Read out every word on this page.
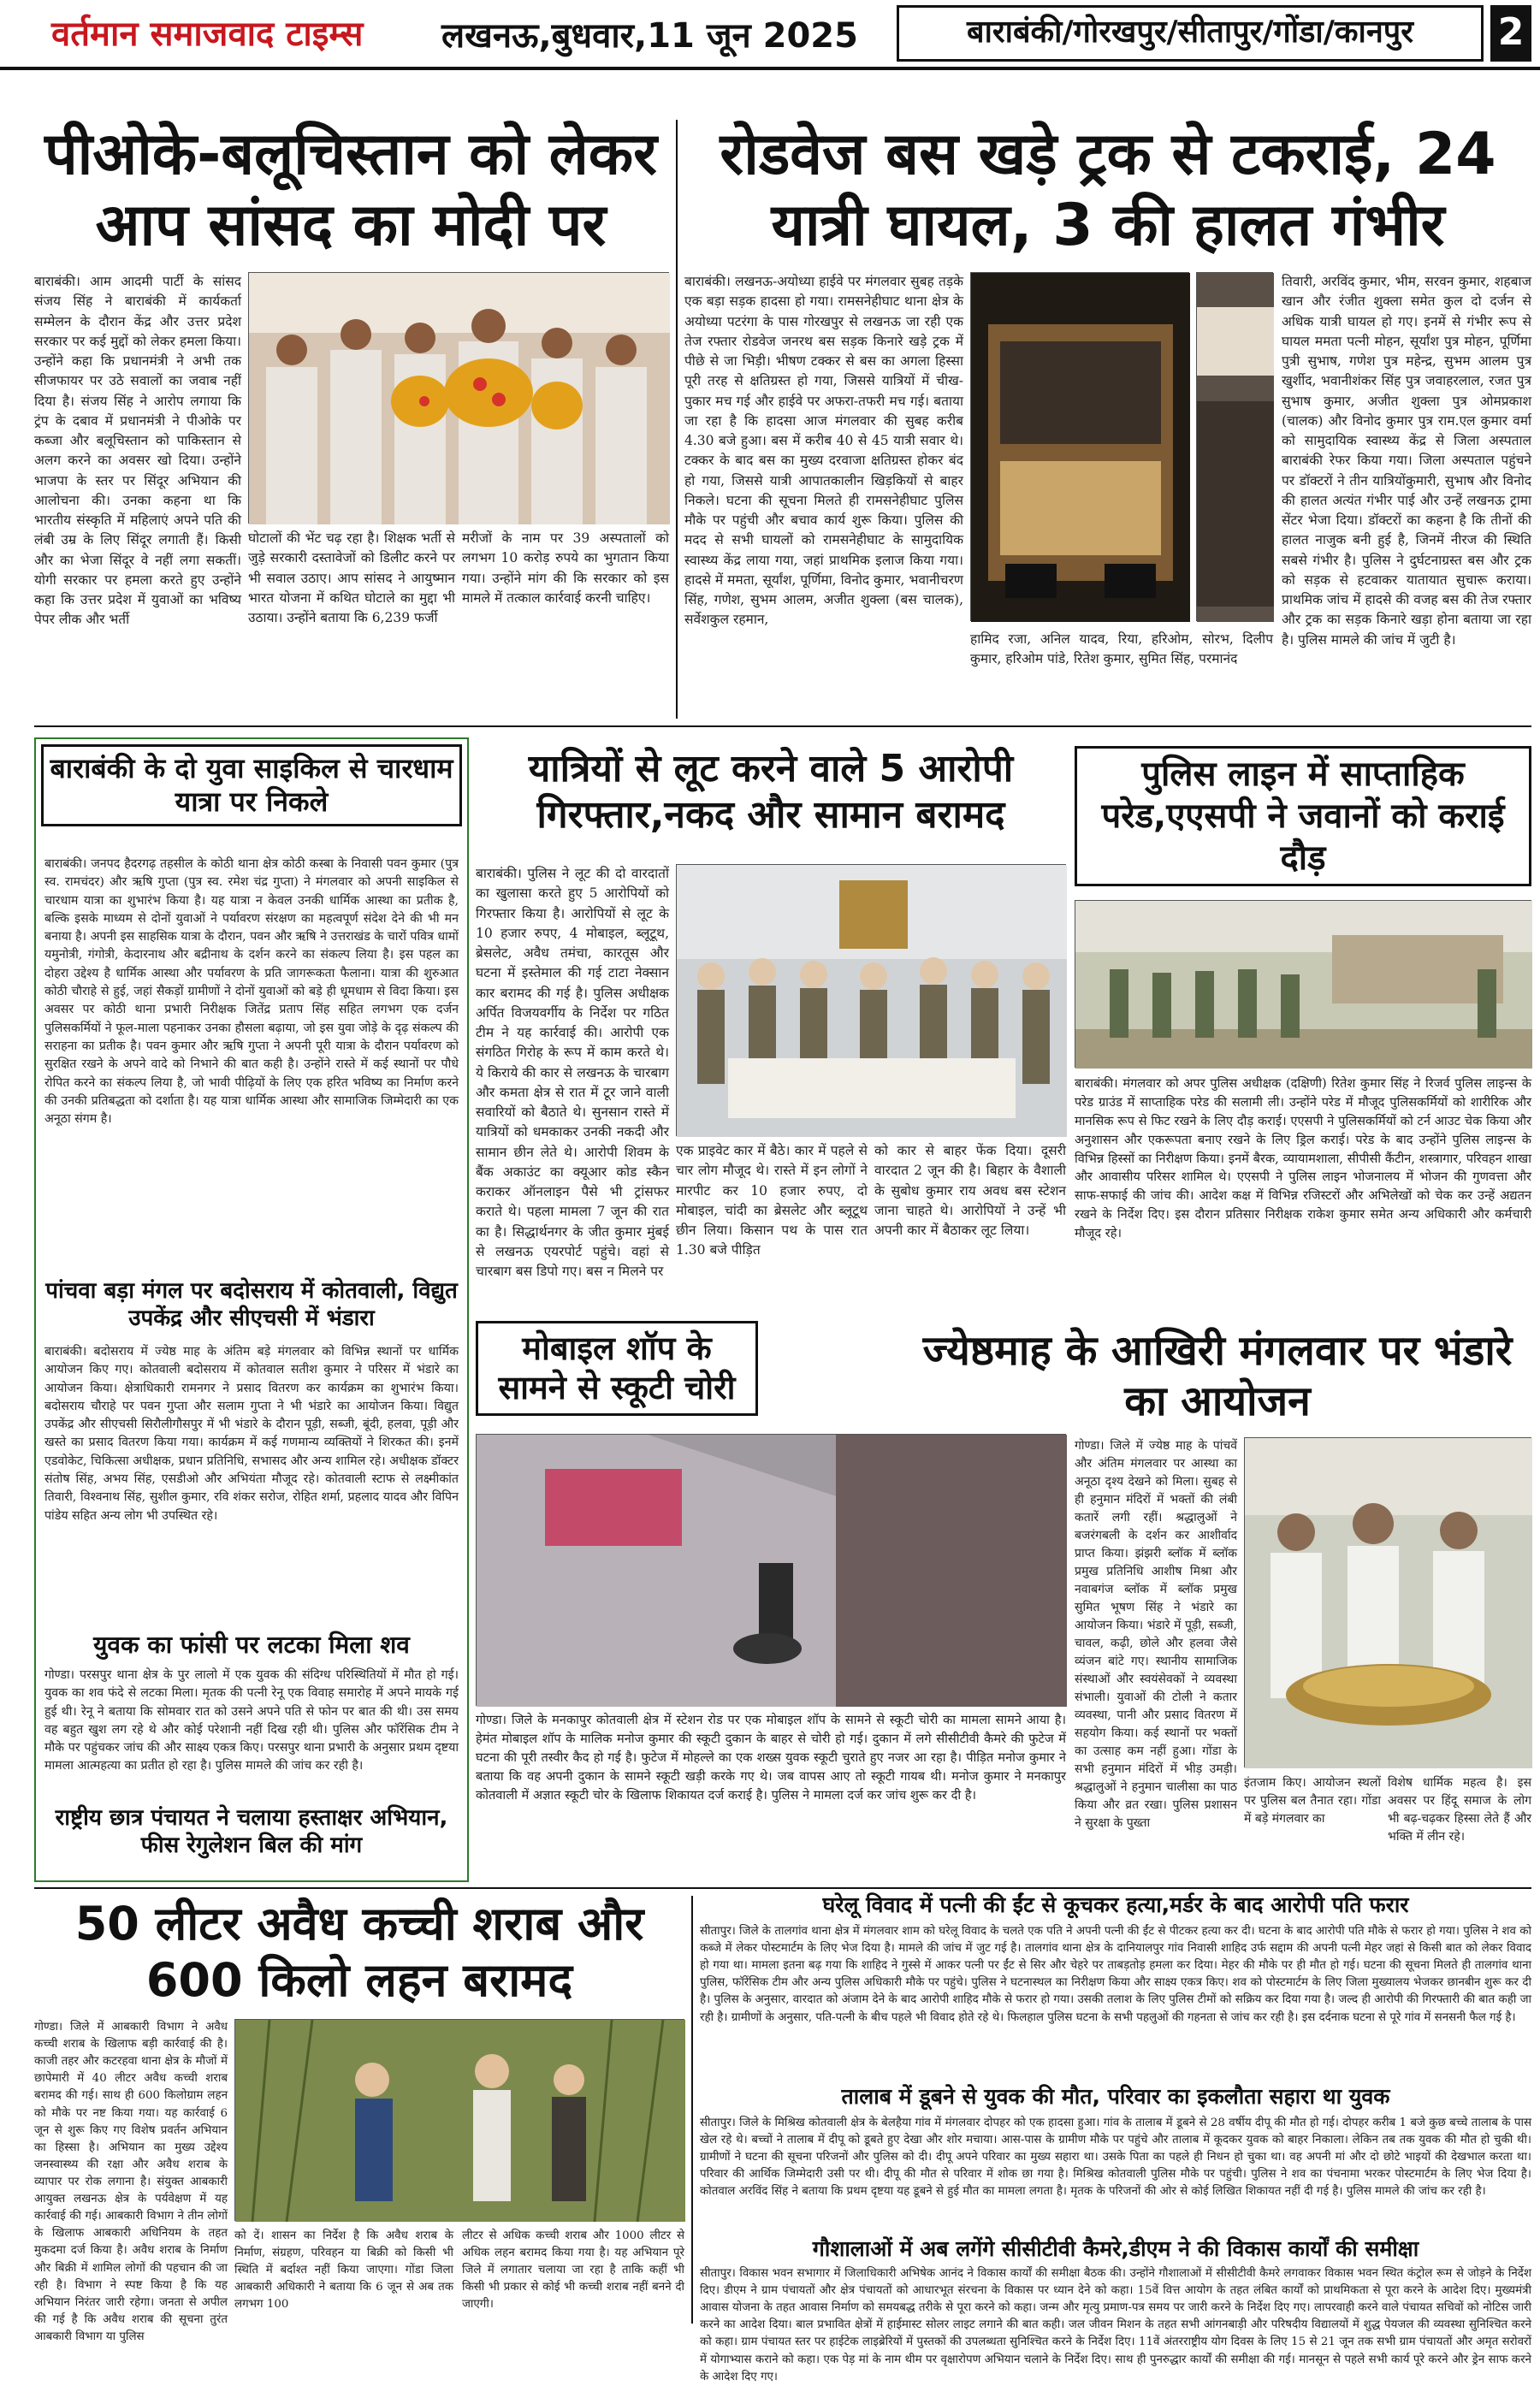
वर्तमान समाजवाद टाइम्स लखनऊ,बुधवार,11 जून 2025	बाराबंकी/गोरखपुर/सीतापुर/गोंडा/कानपुर	2
पीओके-बलूचिस्तान को लेकर आप सांसद का मोदी पर
बाराबंकी। आम आदमी पार्टी के सांसद संजय सिंह ने बाराबंकी में कार्यकर्ता सम्मेलन के दौरान केंद्र और उत्तर प्रदेश सरकार पर कई मुद्दों को लेकर हमला किया। उन्होंने कहा कि प्रधानमंत्री ने अभी तक सीजफायर पर उठे सवालों का जवाब नहीं दिया है। संजय सिंह ने आरोप लगाया कि ट्रंप के दबाव में प्रधानमंत्री ने पीओके पर कब्जा और बलूचिस्तान को पाकिस्तान से अलग करने का अवसर खो दिया। उन्होंने भाजपा के स्तर पर सिंदूर अभियान की आलोचना की। उनका कहना था कि भारतीय संस्कृति में महिलाएं अपने पति की लंबी उम्र के लिए सिंदूर लगाती हैं। किसी और का भेजा सिंदूर वे नहीं लगा सकतीं। योगी सरकार पर हमला करते हुए उन्होंने कहा कि उत्तर प्रदेश में युवाओं का भविष्य पेपर लीक और भर्ती
घोटालों की भेंट चढ़ रहा है। शिक्षक भर्ती से जुड़े सरकारी दस्तावेजों को डिलीट करने पर भी सवाल उठाए। आप सांसद ने आयुष्मान भारत योजना में कथित घोटाले का मुद्दा भी उठाया। उन्होंने बताया कि 6,239 फर्जी
मरीजों के नाम पर 39 अस्पतालों को लगभग 10 करोड़ रुपये का भुगतान किया गया। उन्होंने मांग की कि सरकार को इस मामले में तत्काल कार्रवाई करनी चाहिए।
रोडवेज बस खड़े ट्रक से टकराई, 24 यात्री घायल, 3 की हालत गंभीर
बाराबंकी। लखनऊ-अयोध्या हाईवे पर मंगलवार सुबह तड़के एक बड़ा सड़क हादसा हो गया। रामसनेहीघाट थाना क्षेत्र के अयोध्या पटरंगा के पास गोरखपुर से लखनऊ जा रही एक तेज रफ्तार रोडवेज जनरथ बस सड़क किनारे खड़े ट्रक में पीछे से जा भिड़ी। भीषण टक्कर से बस का अगला हिस्सा पूरी तरह से क्षतिग्रस्त हो गया, जिससे यात्रियों में चीख-पुकार मच गई और हाईवे पर अफरा-तफरी मच गई। बताया जा रहा है कि हादसा आज मंगलवार की सुबह करीब 4.30 बजे हुआ। बस में करीब 40 से 45 यात्री सवार थे। टक्कर के बाद बस का मुख्य दरवाजा क्षतिग्रस्त होकर बंद हो गया, जिससे यात्री आपातकालीन खिड़कियों से बाहर निकले। घटना की सूचना मिलते ही रामसनेहीघाट पुलिस मौके पर पहुंची और बचाव कार्य शुरू किया। पुलिस की मदद से सभी घायलों को रामसनेहीघाट के सामुदायिक स्वास्थ्य केंद्र लाया गया, जहां प्राथमिक इलाज किया गया। हादसे में ममता, सूर्यांश, पूर्णिमा, विनोद कुमार, भवानीचरण सिंह, गणेश, सुभम आलम, अजीत शुक्ला (बस चालक), सर्वेशकुल रहमान,
हामिद रजा, अनिल यादव, रिया, हरिओम, सोरभ, दिलीप कुमार, हरिओम पांडे, रितेश कुमार, सुमित सिंह, परमानंद
तिवारी, अरविंद कुमार, भीम, सरवन कुमार, शहबाज खान और रंजीत शुक्ला समेत कुल दो दर्जन से अधिक यात्री घायल हो गए। इनमें से गंभीर रूप से घायल ममता पत्नी मोहन, सूर्यांश पुत्र मोहन, पूर्णिमा पुत्री सुभाष, गणेश पुत्र महेन्द्र, सुभम आलम पुत्र खुर्शीद, भवानीशंकर सिंह पुत्र जवाहरलाल, रजत पुत्र सुभाष कुमार, अजीत शुक्ला पुत्र ओमप्रकाश (चालक) और विनोद कुमार पुत्र राम.एल कुमार वर्मा को सामुदायिक स्वास्थ्य केंद्र से जिला अस्पताल बाराबंकी रेफर किया गया। जिला अस्पताल पहुंचने पर डॉक्टरों ने तीन यात्रियोंकुमारी, सुभाष और विनोद की हालत अत्यंत गंभीर पाई और उन्हें लखनऊ ट्रामा सेंटर भेजा दिया। डॉक्टरों का कहना है कि तीनों की हालत नाजुक बनी हुई है, जिनमें नीरज की स्थिति सबसे गंभीर है। पुलिस ने दुर्घटनाग्रस्त बस और ट्रक को सड़क से हटवाकर यातायात सुचारू कराया। प्राथमिक जांच में हादसे की वजह बस की तेज रफ्तार और ट्रक का सड़क किनारे खड़ा होना बताया जा रहा है। पुलिस मामले की जांच में जुटी है।
बाराबंकी के दो युवा साइकिल से चारधाम यात्रा पर निकले
बाराबंकी। जनपद हैदरगढ़ तहसील के कोठी थाना क्षेत्र कोठी कस्बा के निवासी पवन कुमार (पुत्र स्व. रामचंदर) और ऋषि गुप्ता (पुत्र स्व. रमेश चंद्र गुप्ता) ने मंगलवार को अपनी साइकिल से चारधाम यात्रा का शुभारंभ किया है। यह यात्रा न केवल उनकी धार्मिक आस्था का प्रतीक है, बल्कि इसके माध्यम से दोनों युवाओं ने पर्यावरण संरक्षण का महत्वपूर्ण संदेश देने की भी मन बनाया है। अपनी इस साहसिक यात्रा के दौरान, पवन और ऋषि ने उत्तराखंड के चारों पवित्र धामों यमुनोत्री, गंगोत्री, केदारनाथ और बद्रीनाथ के दर्शन करने का संकल्प लिया है। इस पहल का दोहरा उद्देश्य है धार्मिक आस्था और पर्यावरण के प्रति जागरूकता फैलाना। यात्रा की शुरुआत कोठी चौराहे से हुई, जहां सैकड़ों ग्रामीणों ने दोनों युवाओं को बड़े ही धूमधाम से विदा किया। इस अवसर पर कोठी थाना प्रभारी निरीक्षक जितेंद्र प्रताप सिंह सहित लगभग एक दर्जन पुलिसकर्मियों ने फूल-माला पहनाकर उनका हौसला बढ़ाया, जो इस युवा जोड़े के दृढ़ संकल्प की सराहना का प्रतीक है। पवन कुमार और ऋषि गुप्ता ने अपनी पूरी यात्रा के दौरान पर्यावरण को सुरक्षित रखने के अपने वादे को निभाने की बात कही है। उन्होंने रास्ते में कई स्थानों पर पौधे रोपित करने का संकल्प लिया है, जो भावी पीढ़ियों के लिए एक हरित भविष्य का निर्माण करने की उनकी प्रतिबद्धता को दर्शाता है। यह यात्रा धार्मिक आस्था और सामाजिक जिम्मेदारी का एक अनूठा संगम है।
पांचवा बड़ा मंगल पर बदोसराय में कोतवाली, विद्युत उपकेंद्र और सीएचसी में भंडारा
बाराबंकी। बदोसराय में ज्येष्ठ माह के अंतिम बड़े मंगलवार को विभिन्न स्थानों पर धार्मिक आयोजन किए गए। कोतवाली बदोसराय में कोतवाल सतीश कुमार ने परिसर में भंडारे का आयोजन किया। क्षेत्राधिकारी रामनगर ने प्रसाद वितरण कर कार्यक्रम का शुभारंभ किया। बदोसराय चौराहे पर पवन गुप्ता और सलाम गुप्ता ने भी भंडारे का आयोजन किया। विद्युत उपकेंद्र और सीएचसी सिरौलीगौसपुर में भी भंडारे के दौरान पूड़ी, सब्जी, बूंदी, हलवा, पूड़ी और खस्ते का प्रसाद वितरण किया गया। कार्यक्रम में कई गणमान्य व्यक्तियों ने शिरकत की। इनमें एडवोकेट, चिकित्सा अधीक्षक, प्रधान प्रतिनिधि, सभासद और अन्य शामिल रहे। अधीक्षक डॉक्टर संतोष सिंह, अभय सिंह, एसडीओ और अभियंता मौजूद रहे। कोतवाली स्टाफ से लक्ष्मीकांत तिवारी, विश्वनाथ सिंह, सुशील कुमार, रवि शंकर सरोज, रोहित शर्मा, प्रहलाद यादव और विपिन पांडेय सहित अन्य लोग भी उपस्थित रहे।
युवक का फांसी पर लटका मिला शव
गोण्डा। परसपुर थाना क्षेत्र के पुर लालो में एक युवक की संदिग्ध परिस्थितियों में मौत हो गई। युवक का शव फंदे से लटका मिला। मृतक की पत्नी रेनू एक विवाह समारोह में अपने मायके गई हुई थी। रेनू ने बताया कि सोमवार रात को उसने अपने पति से फोन पर बात की थी। उस समय वह बहुत खुश लग रहे थे और कोई परेशानी नहीं दिख रही थी। पुलिस और फॉरेंसिक टीम ने मौके पर पहुंचकर जांच की और साक्ष्य एकत्र किए। परसपुर थाना प्रभारी के अनुसार प्रथम दृष्टया मामला आत्महत्या का प्रतीत हो रहा है। पुलिस मामले की जांच कर रही है।
राष्ट्रीय छात्र पंचायत ने चलाया हस्ताक्षर अभियान, फीस रेगुलेशन बिल की मांग
यात्रियों से लूट करने वाले 5 आरोपी गिरफ्तार,नकद और सामान बरामद
बाराबंकी। पुलिस ने लूट की दो वारदातों का खुलासा करते हुए 5 आरोपियों को गिरफ्तार किया है। आरोपियों से लूट के 10 हजार रुपए, 4 मोबाइल, ब्लूटूथ, ब्रेसलेट, अवैध तमंचा, कारतूस और घटना में इस्तेमाल की गई टाटा नेक्सान कार बरामद की गई है। पुलिस अधीक्षक अर्पित विजयवर्गीय के निर्देश पर गठित टीम ने यह कार्रवाई की। आरोपी एक संगठित गिरोह के रूप में काम करते थे। ये किराये की कार से लखनऊ के चारबाग और कमता क्षेत्र से रात में टूर जाने वाली सवारियों को बैठाते थे। सुनसान रास्ते में यात्रियों को धमकाकर उनकी नकदी और सामान छीन लेते थे। आरोपी शिवम के बैंक अकाउंट का क्यूआर कोड स्कैन कराकर ऑनलाइन पैसे भी ट्रांसफर कराते थे। पहला मामला 7 जून की रात का है। सिद्धार्थनगर के जीत कुमार मुंबई से लखनऊ एयरपोर्ट पहुंचे। वहां से चारबाग बस डिपो गए। बस न मिलने पर
एक प्राइवेट कार में बैठे। कार में पहले से चार लोग मौजूद थे। रास्ते में इन लोगों ने मारपीट कर 10 हजार रुपए, दो मोबाइल, चांदी का ब्रेसलेट और ब्लूटूथ छीन लिया। किसान पथ के पास रात 1.30 बजे पीड़ित
को कार से बाहर फेंक दिया। दूसरी वारदात 2 जून की है। बिहार के वैशाली के सुबोध कुमार राय अवध बस स्टेशन जाना चाहते थे। आरोपियों ने उन्हें भी अपनी कार में बैठाकर लूट लिया।
मोबाइल शॉप के सामने से स्कूटी चोरी
गोण्डा। जिले के मनकापुर कोतवाली क्षेत्र में स्टेशन रोड पर एक मोबाइल शॉप के सामने से स्कूटी चोरी का मामला सामने आया है। हेमंत मोबाइल शॉप के मालिक मनोज कुमार की स्कूटी दुकान के बाहर से चोरी हो गई। दुकान में लगे सीसीटीवी कैमरे की फुटेज में घटना की पूरी तस्वीर कैद हो गई है। फुटेज में मोहल्ले का एक शख्स युवक स्कूटी चुराते हुए नजर आ रहा है। पीड़ित मनोज कुमार ने बताया कि वह अपनी दुकान के सामने स्कूटी खड़ी करके गए थे। जब वापस आए तो स्कूटी गायब थी। मनोज कुमार ने मनकापुर कोतवाली में अज्ञात स्कूटी चोर के खिलाफ शिकायत दर्ज कराई है। पुलिस ने मामला दर्ज कर जांच शुरू कर दी है।
पुलिस लाइन में साप्ताहिक परेड,एएसपी ने जवानों को कराई दौड़
बाराबंकी। मंगलवार को अपर पुलिस अधीक्षक (दक्षिणी) रितेश कुमार सिंह ने रिजर्व पुलिस लाइन्स के परेड ग्राउंड में साप्ताहिक परेड की सलामी ली। उन्होंने परेड में मौजूद पुलिसकर्मियों को शारीरिक और मानसिक रूप से फिट रखने के लिए दौड़ कराई। एएसपी ने पुलिसकर्मियों को टर्न आउट चेक किया और अनुशासन और एकरूपता बनाए रखने के लिए ड्रिल कराई। परेड के बाद उन्होंने पुलिस लाइन्स के विभिन्न हिस्सों का निरीक्षण किया। इनमें बैरक, व्यायामशाला, सीपीसी कैंटीन, शस्त्रागार, परिवहन शाखा और आवासीय परिसर शामिल थे। एएसपी ने पुलिस लाइन भोजनालय में भोजन की गुणवत्ता और साफ-सफाई की जांच की। आदेश कक्ष में विभिन्न रजिस्टरों और अभिलेखों को चेक कर उन्हें अद्यतन रखने के निर्देश दिए। इस दौरान प्रतिसार निरीक्षक राकेश कुमार समेत अन्य अधिकारी और कर्मचारी मौजूद रहे।
ज्येष्ठमाह के आखिरी मंगलवार पर भंडारे का आयोजन
गोण्डा। जिले में ज्येष्ठ माह के पांचवें और अंतिम मंगलवार पर आस्था का अनूठा दृश्य देखने को मिला। सुबह से ही हनुमान मंदिरों में भक्तों की लंबी कतारें लगी रहीं। श्रद्धालुओं ने बजरंगबली के दर्शन कर आशीर्वाद प्राप्त किया। झंझरी ब्लॉक में ब्लॉक प्रमुख प्रतिनिधि आशीष मिश्रा और नवाबगंज ब्लॉक में ब्लॉक प्रमुख सुमित भूषण सिंह ने भंडारे का आयोजन किया। भंडारे में पूड़ी, सब्जी, चावल, कढ़ी, छोले और हलवा जैसे व्यंजन बांटे गए। स्थानीय सामाजिक संस्थाओं और स्वयंसेवकों ने व्यवस्था संभाली। युवाओं की टोली ने कतार व्यवस्था, पानी और प्रसाद वितरण में सहयोग किया। कई स्थानों पर भक्तों का उत्साह कम नहीं हुआ। गोंडा के सभी हनुमान मंदिरों में भीड़ उमड़ी। श्रद्धालुओं ने हनुमान चालीसा का पाठ किया और व्रत रखा। पुलिस प्रशासन ने सुरक्षा के पुख्ता
इंतजाम किए। आयोजन स्थलों पर पुलिस बल तैनात रहा। गोंडा में बड़े मंगलवार का
विशेष धार्मिक महत्व है। इस अवसर पर हिंदू समाज के लोग भी बढ़-चढ़कर हिस्सा लेते हैं और भक्ति में लीन रहे।
50 लीटर अवैध कच्ची शराब और 600 किलो लहन बरामद
गोण्डा। जिले में आबकारी विभाग ने अवैध कच्ची शराब के खिलाफ बड़ी कार्रवाई की है। काजी तहर और कटरहवा थाना क्षेत्र के मौजों में छापेमारी में 40 लीटर अवैध कच्ची शराब बरामद की गई। साथ ही 600 किलोग्राम लहन को मौके पर नष्ट किया गया। यह कार्रवाई 6 जून से शुरू किए गए विशेष प्रवर्तन अभियान का हिस्सा है। अभियान का मुख्य उद्देश्य जनस्वास्थ्य की रक्षा और अवैध शराब के व्यापार पर रोक लगाना है। संयुक्त आबकारी आयुक्त लखनऊ क्षेत्र के पर्यवेक्षण में यह कार्रवाई की गई। आबकारी विभाग ने तीन लोगों के खिलाफ आबकारी अधिनियम के तहत मुकदमा दर्ज किया है। अवैध शराब के निर्माण और बिक्री में शामिल लोगों की पहचान की जा रही है। विभाग ने स्पष्ट किया है कि यह अभियान निरंतर जारी रहेगा। जनता से अपील की गई है कि अवैध शराब की सूचना तुरंत आबकारी विभाग या पुलिस
को दें। शासन का निर्देश है कि अवैध शराब के निर्माण, संग्रहण, परिवहन या बिक्री को किसी भी स्थिति में बर्दाश्त नहीं किया जाएगा। गोंडा जिला आबकारी अधिकारी ने बताया कि 6 जून से अब तक लगभग 100
लीटर से अधिक कच्ची शराब और 1000 लीटर से अधिक लहन बरामद किया गया है। यह अभियान पूरे जिले में लगातार चलाया जा रहा है ताकि कहीं भी किसी भी प्रकार से कोई भी कच्ची शराब नहीं बनने दी जाएगी।
घरेलू विवाद में पत्नी की ईंट से कूचकर हत्या,मर्डर के बाद आरोपी पति फरार
सीतापुर। जिले के तालगांव थाना क्षेत्र में मंगलवार शाम को घरेलू विवाद के चलते एक पति ने अपनी पत्नी की ईंट से पीटकर हत्या कर दी। घटना के बाद आरोपी पति मौके से फरार हो गया। पुलिस ने शव को कब्जे में लेकर पोस्टमार्टम के लिए भेज दिया है। मामले की जांच में जुट गई है। तालगांव थाना क्षेत्र के दानियालपुर गांव निवासी शाहिद उर्फ सद्दाम की अपनी पत्नी मेहर जहां से किसी बात को लेकर विवाद हो गया था। मामला इतना बढ़ गया कि शाहिद ने गुस्से में आकर पत्नी पर ईंट से सिर और चेहरे पर ताबड़तोड़ हमला कर दिया। मेहर की मौके पर ही मौत हो गई। घटना की सूचना मिलते ही तालगांव थाना पुलिस, फॉरेंसिक टीम और अन्य पुलिस अधिकारी मौके पर पहुंचे। पुलिस ने घटनास्थल का निरीक्षण किया और साक्ष्य एकत्र किए। शव को पोस्टमार्टम के लिए जिला मुख्यालय भेजकर छानबीन शुरू कर दी है। पुलिस के अनुसार, वारदात को अंजाम देने के बाद आरोपी शाहिद मौके से फरार हो गया। उसकी तलाश के लिए पुलिस टीमों को सक्रिय कर दिया गया है। जल्द ही आरोपी की गिरफ्तारी की बात कही जा रही है। ग्रामीणों के अनुसार, पति-पत्नी के बीच पहले भी विवाद होते रहे थे। फिलहाल पुलिस घटना के सभी पहलुओं की गहनता से जांच कर रही है। इस दर्दनाक घटना से पूरे गांव में सनसनी फैल गई है।
तालाब में डूबने से युवक की मौत, परिवार का इकलौता सहारा था युवक
सीतापुर। जिले के मिश्रिख कोतवाली क्षेत्र के बेलहैया गांव में मंगलवार दोपहर को एक हादसा हुआ। गांव के तालाब में डूबने से 28 वर्षीय दीपू की मौत हो गई। दोपहर करीब 1 बजे कुछ बच्चे तालाब के पास खेल रहे थे। बच्चों ने तालाब में दीपू को डूबते हुए देखा और शोर मचाया। आस-पास के ग्रामीण मौके पर पहुंचे और तालाब में कूदकर युवक को बाहर निकाला। लेकिन तब तक युवक की मौत हो चुकी थी। ग्रामीणों ने घटना की सूचना परिजनों और पुलिस को दी। दीपू अपने परिवार का मुख्य सहारा था। उसके पिता का पहले ही निधन हो चुका था। वह अपनी मां और दो छोटे भाइयों की देखभाल करता था। परिवार की आर्थिक जिम्मेदारी उसी पर थी। दीपू की मौत से परिवार में शोक छा गया है। मिश्रिख कोतवाली पुलिस मौके पर पहुंची। पुलिस ने शव का पंचनामा भरकर पोस्टमार्टम के लिए भेज दिया है। कोतवाल अरविंद सिंह ने बताया कि प्रथम दृष्टया यह डूबने से हुई मौत का मामला लगता है। मृतक के परिजनों की ओर से कोई लिखित शिकायत नहीं दी गई है। पुलिस मामले की जांच कर रही है।
गौशालाओं में अब लगेंगे सीसीटीवी कैमरे,डीएम ने की विकास कार्यों की समीक्षा
सीतापुर। विकास भवन सभागार में जिलाधिकारी अभिषेक आनंद ने विकास कार्यों की समीक्षा बैठक की। उन्होंने गौशालाओं में सीसीटीवी कैमरे लगवाकर विकास भवन स्थित कंट्रोल रूम से जोड़ने के निर्देश दिए। डीएम ने ग्राम पंचायतों और क्षेत्र पंचायतों को आधारभूत संरचना के विकास पर ध्यान देने को कहा। 15वें वित्त आयोग के तहत लंबित कार्यों को प्राथमिकता से पूरा करने के आदेश दिए। मुख्यमंत्री आवास योजना के तहत आवास निर्माण को समयबद्ध तरीके से पूरा करने को कहा। जन्म और मृत्यु प्रमाण-पत्र समय पर जारी करने के निर्देश दिए गए। लापरवाही करने वाले पंचायत सचिवों को नोटिस जारी करने का आदेश दिया। बाल प्रभावित क्षेत्रों में हाईमास्ट सोलर लाइट लगाने की बात कही। जल जीवन मिशन के तहत सभी आंगनबाड़ी और परिषदीय विद्यालयों में शुद्ध पेयजल की व्यवस्था सुनिश्चित करने को कहा। ग्राम पंचायत स्तर पर हाईटेक लाइब्रेरियों में पुस्तकों की उपलब्धता सुनिश्चित करने के निर्देश दिए। 11वें अंतरराष्ट्रीय योग दिवस के लिए 15 से 21 जून तक सभी ग्राम पंचायतों और अमृत सरोवरों में योगाभ्यास कराने को कहा। एक पेड़ मां के नाम थीम पर वृक्षारोपण अभियान चलाने के निर्देश दिए। साथ ही पुनरुद्धार कार्यों की समीक्षा की गई। मानसून से पहले सभी कार्य पूरे करने और ड्रेन साफ करने के आदेश दिए गए।
